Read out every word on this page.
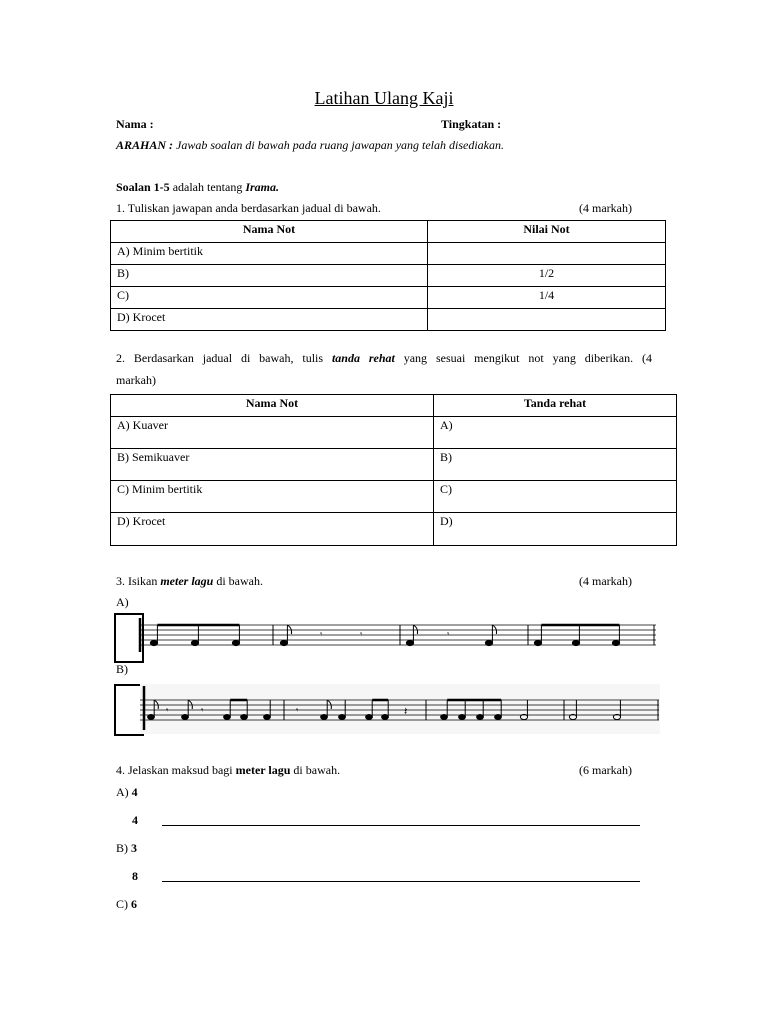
Latihan Ulang Kaji
Nama :	Tingkatan :
ARAHAN : Jawab soalan di bawah pada ruang jawapan yang telah disediakan.
Soalan 1-5 adalah tentang Irama.
1. Tuliskan jawapan anda berdasarkan jadual di bawah.	(4 markah)
Nama Not	Nilai Not
A) Minim bertitik	
B)	1/2
C)	1/4
D) Krocet	
2. Berdasarkan jadual di bawah, tulis tanda rehat yang sesuai mengikut not yang diberikan. (4
markah)
Nama Not	Tanda rehat
A) Kuaver	A)
B) Semikuaver	B)
C) Minim bertitik	C)
D) Krocet	D)
3. Isikan meter lagu di bawah.	(4 markah)
A)
𝄾	𝄾	𝄾
B)
𝄾	𝄾	𝄾	𝄽
4. Jelaskan maksud bagi meter lagu di bawah.	(6 markah)
A) 4
4
B) 3
8
C) 6
